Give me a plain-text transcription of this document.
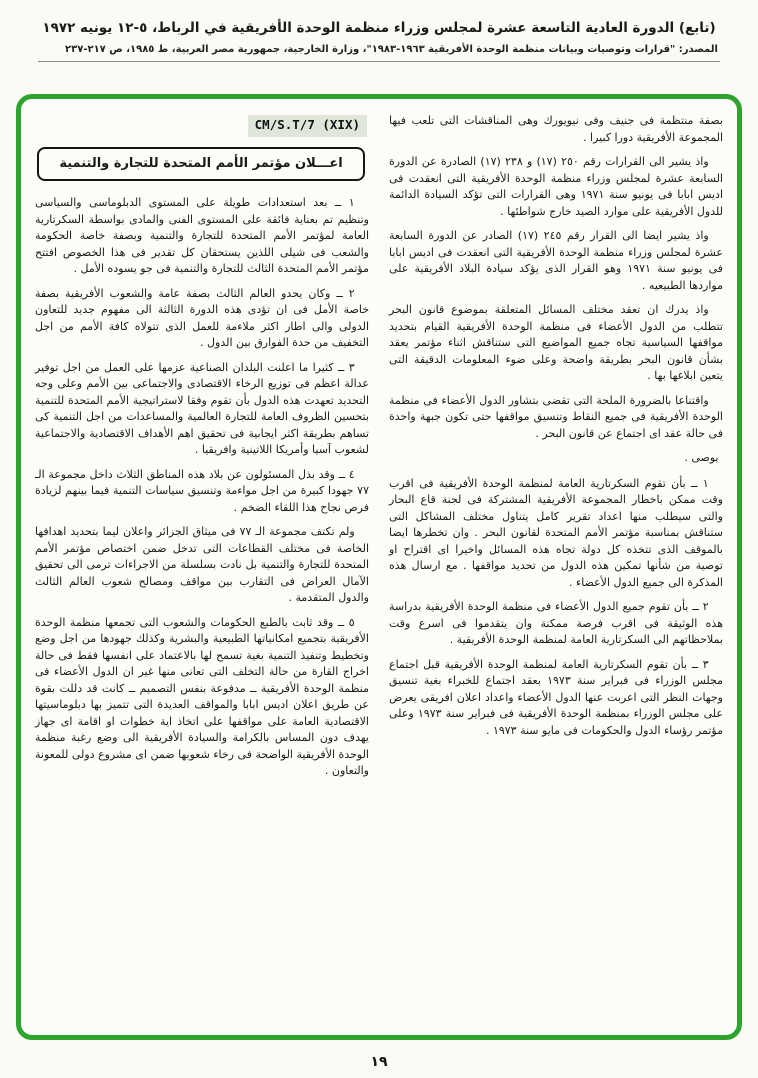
(تابع) الدورة العادية التاسعة عشرة لمجلس وزراء منظمة الوحدة الأفريقية في الرباط، ٥-١٢ يونيه ١٩٧٢
المصدر: "قرارات وتوصيات وبيانات منظمة الوحدة الأفريقية ١٩٦٣-١٩٨٣"، وزارة الخارجية، جمهورية مصر العربية، ط ١٩٨٥، ص ٢١٧-٢٣٧

بصفة منتظمة فى جنيف وفى نيويورك وهى المناقشات التى تلعب فيها المجموعة الأفريقية دورا كبيرا .

واذ يشير الى القرارات رقم ٢٥٠ (١٧) و ٢٣٨ (١٧) الصادرة عن الدورة السابعة عشرة لمجلس وزراء منظمة الوحدة الأفريقية التى انعقدت فى اديس ابابا فى يونيو سنة ١٩٧١ وهى القرارات التى تؤكد السيادة الدائمة للدول الأفريقية على موارد الصيد خارج شواطئها .

واذ يشير ايضا الى القرار رقم ٢٤٥ (١٧) الصادر عن الدورة السابعة عشرة لمجلس وزراء منظمة الوحدة الأفريقية التى انعقدت فى اديس ابابا فى يونيو سنة ١٩٧١ وهو القرار الذى يؤكد سيادة البلاد الأفريقية على مواردها الطبيعيه .

واذ يدرك ان تعقد مختلف المسائل المتعلقة بموضوع قانون البحر تتطلب من الدول الأعضاء فى منظمة الوحدة الأفريقية القيام بتحديد مواقفها السياسية تجاه جميع المواضيع التى ستناقش اثناء مؤتمر يعقد بشأن قانون البحر بطريقة واضحة وعلى ضوء المعلومات الدقيقة التى يتعين ابلاغها بها .

واقتناعا بالضرورة الملحة التى تقضى بتشاور الدول الأعضاء فى منظمة الوحدة الأفريقية فى جميع النقاط وتنسيق مواقفها حتى تكون جبهة واحدة فى حالة عقد اى اجتماع عن قانون البحر .

يوصى .

١ ــ بأن تقوم السكرتارية العامة لمنظمة الوحدة الأفريقية فى اقرب وقت ممكن باخطار المجموعة الأفريقية المشتركة فى لجنة قاع البحار والتى سيطلب منها اعداد تقرير كامل يتناول مختلف المشاكل التى ستناقش بمناسبة مؤتمر الأمم المتحدة لقانون البحر . وان تخطرها ايضا بالموقف الذى تتخذه كل دولة تجاه هذه المسائل واخيرا اى اقتراح او توصية من شأنها تمكين هذه الدول من تحديد مواقفها . مع ارسال هذه المذكرة الى جميع الدول الأعضاء .

٢ ــ بأن تقوم جميع الدول الأعضاء فى منظمة الوحدة الأفريقية بدراسة هذه الوثيقة فى اقرب فرصة ممكنة وان يتقدموا فى اسرع وقت بملاحظاتهم الى السكرتارية العامة لمنظمة الوحدة الأفريقية .

٣ ــ بأن تقوم السكرتارية العامة لمنظمة الوحدة الأفريقية قبل اجتماع مجلس الوزراء فى فبراير سنة ١٩٧٣ بعقد اجتماع للخبراء بغية تنسيق وجهات النظر التى اعربت عنها الدول الأعضاء واعداد اعلان افريقى يعرض على مجلس الوزراء بمنظمة الوحدة الأفريقية فى فبراير سنة ١٩٧٣ وعلى مؤتمر رؤساء الدول والحكومات فى مايو سنة ١٩٧٣ .

CM/S.T/7 (XIX)
اعـــلان مؤتمر الأمم المتحدة للتجارة والتنمية

١ ــ بعد استعدادات طويلة على المستوى الدبلوماسى والسياسى وتنظيم تم بعناية فائقة على المستوى الفنى والمادى بواسطة السكرتارية العامة لمؤتمر الأمم المتحدة للتجارة والتنمية وبصفة خاصة الحكومة والشعب فى شيلى اللذين يستحقان كل تقدير فى هذا الخصوص افتتح مؤتمر الأمم المتحدة الثالث للتجارة والتنمية فى جو يسوده الأمل .

٢ ــ وكان يحدو العالم الثالث بصفة عامة والشعوب الأفريقية بصفة خاصة الأمل فى ان تؤدى هذه الدورة الثالثة الى مفهوم جديد للتعاون الدولى والى اطار اكثر ملاءمة للعمل الذى تتولاه كافة الأمم من اجل التخفيف من حدة الفوارق بين الدول .

٣ ــ كثيرا ما اعلنت البلدان الصناعية عزمها على العمل من اجل توفير عدالة اعظم فى توزيع الرخاء الاقتصادى والاجتماعى بين الأمم وعلى وجه التحديد تعهدت هذه الدول بأن تقوم وفقا لاستراتيجية الأمم المتحدة للتنمية بتحسين الظروف العامة للتجارة العالمية والمساعدات من اجل التنمية كى تساهم بطريقة اكثر ايجابية فى تحقيق اهم الأهداف الاقتصادية والاجتماعية لشعوب آسيا وأمريكا اللاتينية وافريقيا .

٤ ــ وقد بذل المسئولون عن بلاد هذه المناطق الثلاث داخل مجموعة الـ ٧٧ جهودا كبيرة من اجل مواءمة وتنسيق سياسات التنمية فيما بينهم لزيادة فرص نجاح هذا اللقاء الضخم .

ولم تكتف مجموعة الـ ٧٧ فى ميثاق الجزائر واعلان ليما بتحديد اهدافها الخاصة فى مختلف القطاعات التى تدخل ضمن اختصاص مؤتمر الأمم المتحدة للتجارة والتنمية بل نادت بسلسلة من الاجراءات ترمى الى تحقيق الآمال العراض فى التقارب بين مواقف ومصالح شعوب العالم الثالث والدول المتقدمة .

٥ ــ وقد ثابت بالطبع الحكومات والشعوب التى تجمعها منظمة الوحدة الأفريقية بتجميع امكانياتها الطبيعية والبشرية وكذلك جهودها من اجل وضع وتخطيط وتنفيذ التنمية بغية تسمح لها بالاعتماد على انفسها فقط فى حالة اخراج القارة من حالة التخلف التى تعانى منها غير ان الدول الأعضاء فى منظمة الوحدة الأفريقية ــ مدفوعة بنفس التصميم ــ كانت قد دللت بقوة عن طريق اعلان اديس ابابا والمواقف العديدة التى تتميز بها دبلوماسيتها الاقتصادية العامة على مواقفها على اتخاذ اية خطوات او اقامة اى جهاز يهدف دون المساس بالكرامة والسيادة الأفريقية الى وضع رغبة منظمة الوحدة الأفريقية الواضحة فى رخاء شعوبها ضمن اى مشروع دولى للمعونة والتعاون .

١٩
